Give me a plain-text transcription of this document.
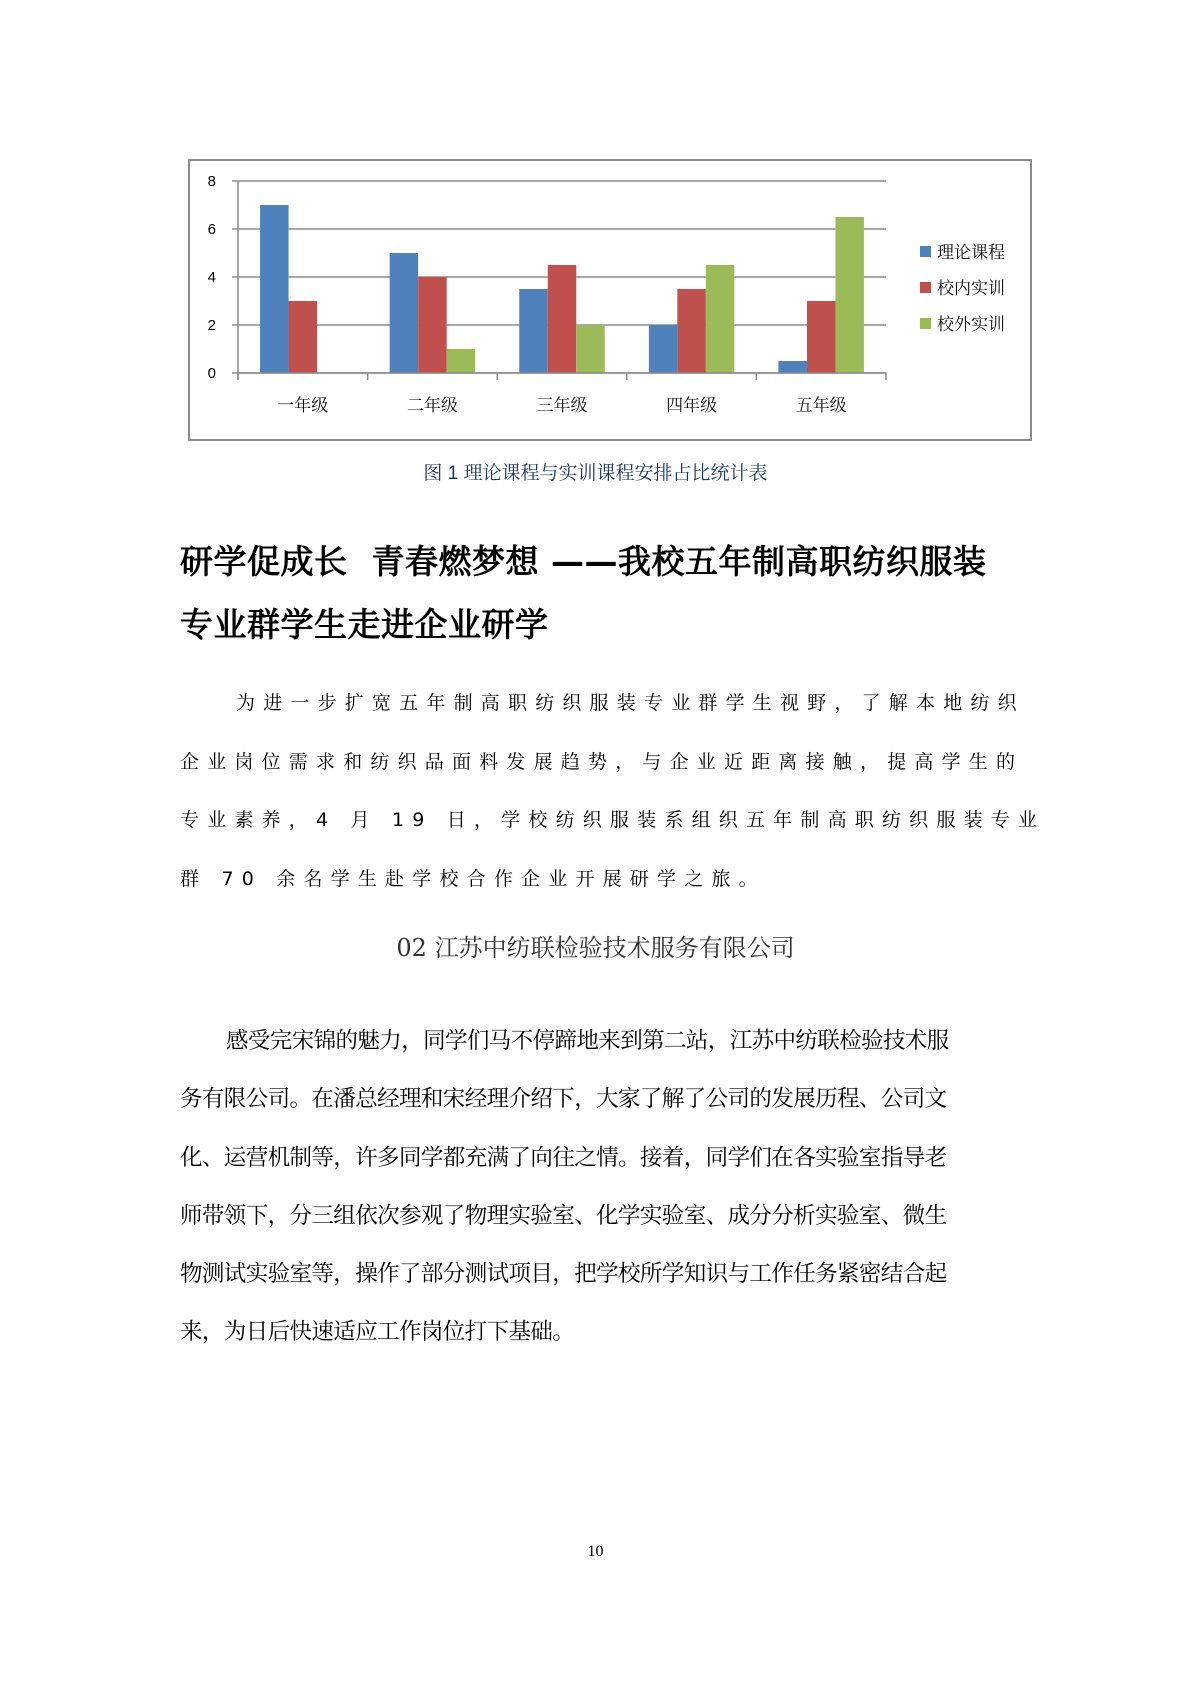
0
2
4
6
8
一年级	二年级	三年级	四年级	五年级
理论课程
校内实训
校外实训
图 1 理论课程与实训课程安排占比统计表
研学促成长  青春燃梦想 ——我校五年制高职纺织服装
专业群学生走进企业研学
为进一步扩宽五年制高职纺织服装专业群学生视野，了解本地纺织
企业岗位需求和纺织品面料发展趋势，与企业近距离接触，提高学生的
专业素养，4 月 19 日，学校纺织服装系组织五年制高职纺织服装专业
群 70 余名学生赴学校合作企业开展研学之旅。
02 江苏中纺联检验技术服务有限公司
感受完宋锦的魅力，同学们马不停蹄地来到第二站，江苏中纺联检验技术服
务有限公司。在潘总经理和宋经理介绍下，大家了解了公司的发展历程、公司文
化、运营机制等，许多同学都充满了向往之情。接着，同学们在各实验室指导老
师带领下，分三组依次参观了物理实验室、化学实验室、成分分析实验室、微生
物测试实验室等，操作了部分测试项目，把学校所学知识与工作任务紧密结合起
来，为日后快速适应工作岗位打下基础。
10
